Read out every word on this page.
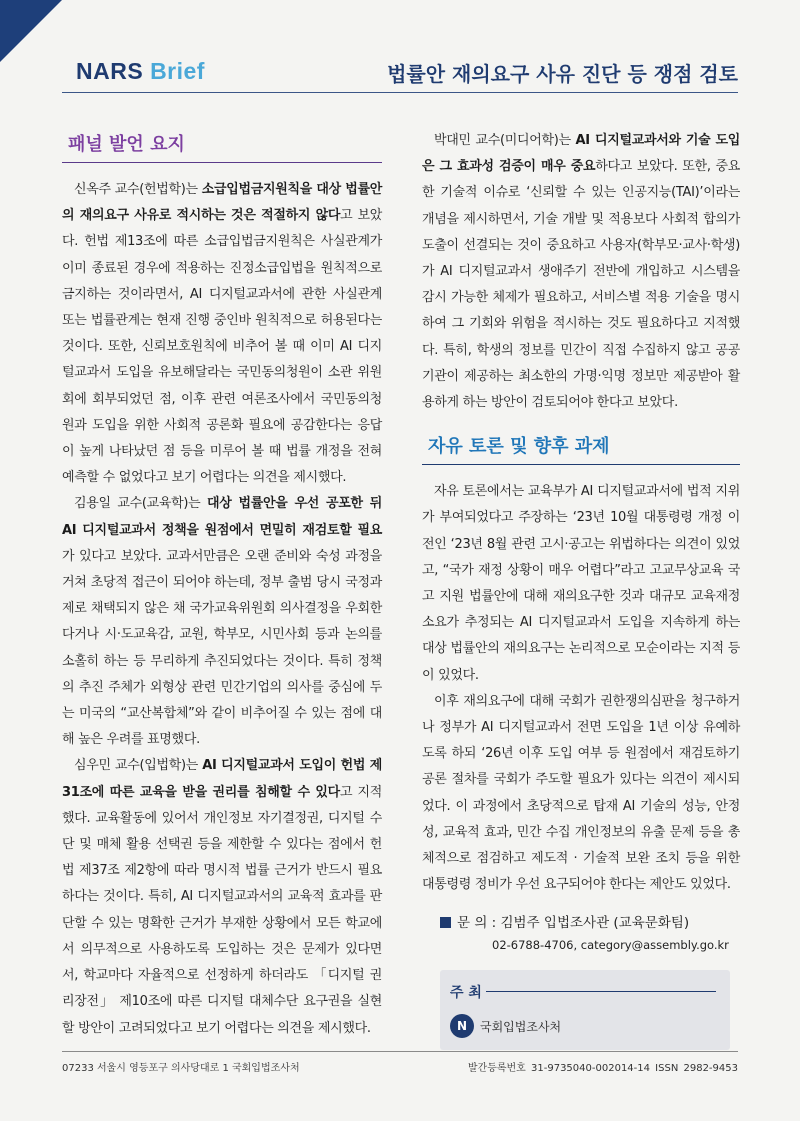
NARS Brief	법률안 재의요구 사유 진단 등 쟁점 검토
패널 발언 요지

신옥주 교수(헌법학)는 소급입법금지원칙을 대상 법률안의 재의요구 사유로 적시하는 것은 적절하지 않다고 보았다. 헌법 제13조에 따른 소급입법금지원칙은 사실관계가 이미 종료된 경우에 적용하는 진정소급입법을 원칙적으로 금지하는 것이라면서, AI 디지털교과서에 관한 사실관계 또는 법률관계는 현재 진행 중인바 원칙적으로 허용된다는 것이다. 또한, 신뢰보호원칙에 비추어 볼 때 이미 AI 디지털교과서 도입을 유보해달라는 국민동의청원이 소관 위원회에 회부되었던 점, 이후 관련 여론조사에서 국민동의청원과 도입을 위한 사회적 공론화 필요에 공감한다는 응답이 높게 나타났던 점 등을 미루어 볼 때 법률 개정을 전혀 예측할 수 없었다고 보기 어렵다는 의견을 제시했다.

김용일 교수(교육학)는 대상 법률안을 우선 공포한 뒤 AI 디지털교과서 정책을 원점에서 면밀히 재검토할 필요가 있다고 보았다. 교과서만큼은 오랜 준비와 숙성 과정을 거쳐 초당적 접근이 되어야 하는데, 정부 출범 당시 국정과제로 채택되지 않은 채 국가교육위원회 의사결정을 우회한다거나 시·도교육감, 교원, 학부모, 시민사회 등과 논의를 소홀히 하는 등 무리하게 추진되었다는 것이다. 특히 정책의 추진 주체가 외형상 관련 민간기업의 의사를 중심에 두는 미국의 “교산복합체”와 같이 비추어질 수 있는 점에 대해 높은 우려를 표명했다.

심우민 교수(입법학)는 AI 디지털교과서 도입이 헌법 제31조에 따른 교육을 받을 권리를 침해할 수 있다고 지적했다. 교육활동에 있어서 개인정보 자기결정권, 디지털 수단 및 매체 활용 선택권 등을 제한할 수 있다는 점에서 헌법 제37조 제2항에 따라 명시적 법률 근거가 반드시 필요하다는 것이다. 특히, AI 디지털교과서의 교육적 효과를 판단할 수 있는 명확한 근거가 부재한 상황에서 모든 학교에서 의무적으로 사용하도록 도입하는 것은 문제가 있다면서, 학교마다 자율적으로 선정하게 하더라도 「디지털 권리장전」 제10조에 따른 디지털 대체수단 요구권을 실현할 방안이 고려되었다고 보기 어렵다는 의견을 제시했다.

박대민 교수(미디어학)는 AI 디지털교과서와 기술 도입은 그 효과성 검증이 매우 중요하다고 보았다. 또한, 중요한 기술적 이슈로 ‘신뢰할 수 있는 인공지능(TAI)’이라는 개념을 제시하면서, 기술 개발 및 적용보다 사회적 합의가 도출이 선결되는 것이 중요하고 사용자(학부모·교사·학생)가 AI 디지털교과서 생애주기 전반에 개입하고 시스템을 감시 가능한 체제가 필요하고, 서비스별 적용 기술을 명시하여 그 기회와 위험을 적시하는 것도 필요하다고 지적했다. 특히, 학생의 정보를 민간이 직접 수집하지 않고 공공기관이 제공하는 최소한의 가명·익명 정보만 제공받아 활용하게 하는 방안이 검토되어야 한다고 보았다.

자유 토론 및 향후 과제

자유 토론에서는 교육부가 AI 디지털교과서에 법적 지위가 부여되었다고 주장하는 ‘23년 10월 대통령령 개정 이전인 ‘23년 8월 관련 고시·공고는 위법하다는 의견이 있었고, “국가 재정 상황이 매우 어렵다”라고 고교무상교육 국고 지원 법률안에 대해 재의요구한 것과 대규모 교육재정 소요가 추정되는 AI 디지털교과서 도입을 지속하게 하는 대상 법률안의 재의요구는 논리적으로 모순이라는 지적 등이 있었다.

이후 재의요구에 대해 국회가 권한쟁의심판을 청구하거나 정부가 AI 디지털교과서 전면 도입을 1년 이상 유예하도록 하되 ‘26년 이후 도입 여부 등 원점에서 재검토하기 공론 절차를 국회가 주도할 필요가 있다는 의견이 제시되었다. 이 과정에서 초당적으로 탑재 AI 기술의 성능, 안정성, 교육적 효과, 민간 수집 개인정보의 유출 문제 등을 총체적으로 점검하고 제도적 · 기술적 보완 조치 등을 위한 대통령령 정비가 우선 요구되어야 한다는 제안도 있었다.

문 의 : 김범주 입법조사관 (교육문화팀)
02-6788-4706, category@assembly.go.kr
주 최
N	국회입법조사처
07233 서울시 영등포구 의사당대로 1 국회입법조사처	발간등록번호 31-9735040-002014-14 ISSN 2982-9453
